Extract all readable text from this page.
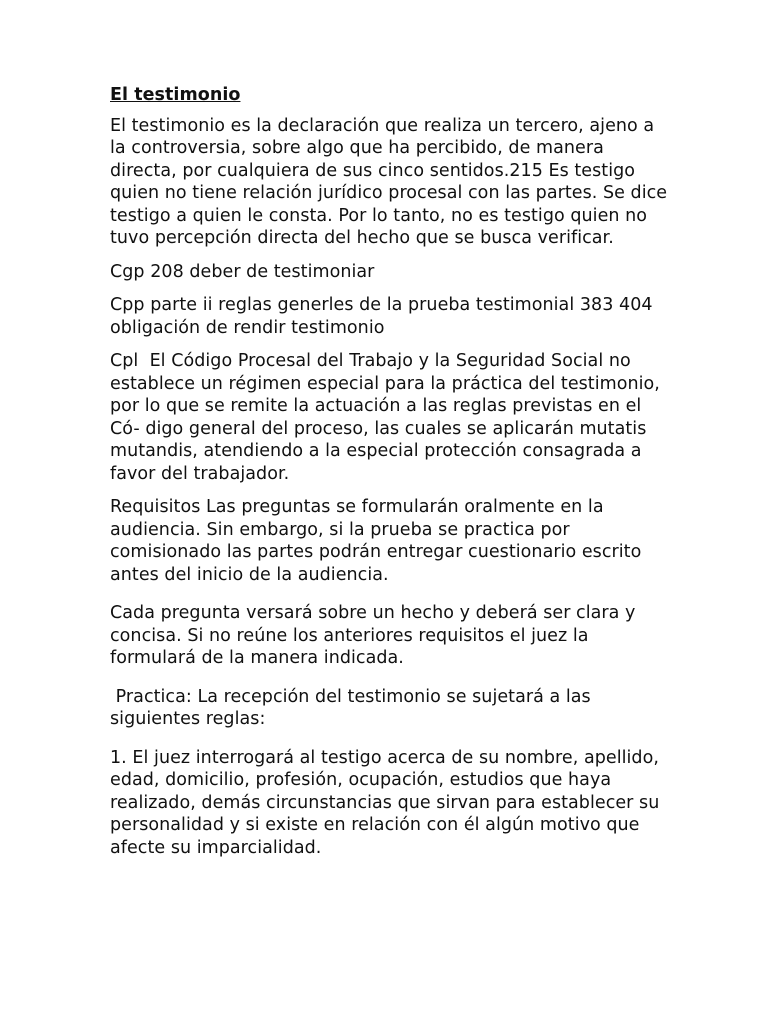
El testimonio

El testimonio es la declaración que realiza un tercero, ajeno a la controversia, sobre algo que ha percibido, de manera directa, por cualquiera de sus cinco sentidos.215 Es testigo quien no tiene relación jurídico procesal con las partes. Se dice testigo a quien le consta. Por lo tanto, no es testigo quien no tuvo percepción directa del hecho que se busca verificar.

Cgp 208 deber de testimoniar

Cpp parte ii reglas generles de la prueba testimonial 383 404  obligación de rendir testimonio

Cpl  El Código Procesal del Trabajo y la Seguridad Social no establece un régimen especial para la práctica del testimonio, por lo que se remite la actuación a las reglas previstas en el Có- digo general del proceso, las cuales se aplicarán mutatis mutandis, atendiendo a la especial protección consagrada a favor del trabajador.

Requisitos Las preguntas se formularán oralmente en la audiencia. Sin embargo, si la prueba se practica por comisionado las partes podrán entregar cuestionario escrito antes del inicio de la audiencia.

Cada pregunta versará sobre un hecho y deberá ser clara y concisa. Si no reúne los anteriores requisitos el juez la formulará de la manera indicada.

Practica: La recepción del testimonio se sujetará a las siguientes reglas:

1. El juez interrogará al testigo acerca de su nombre, apellido, edad, domicilio, profesión, ocupación, estudios que haya realizado, demás circunstancias que sirvan para establecer su personalidad y si existe en relación con él algún motivo que afecte su imparcialidad.
